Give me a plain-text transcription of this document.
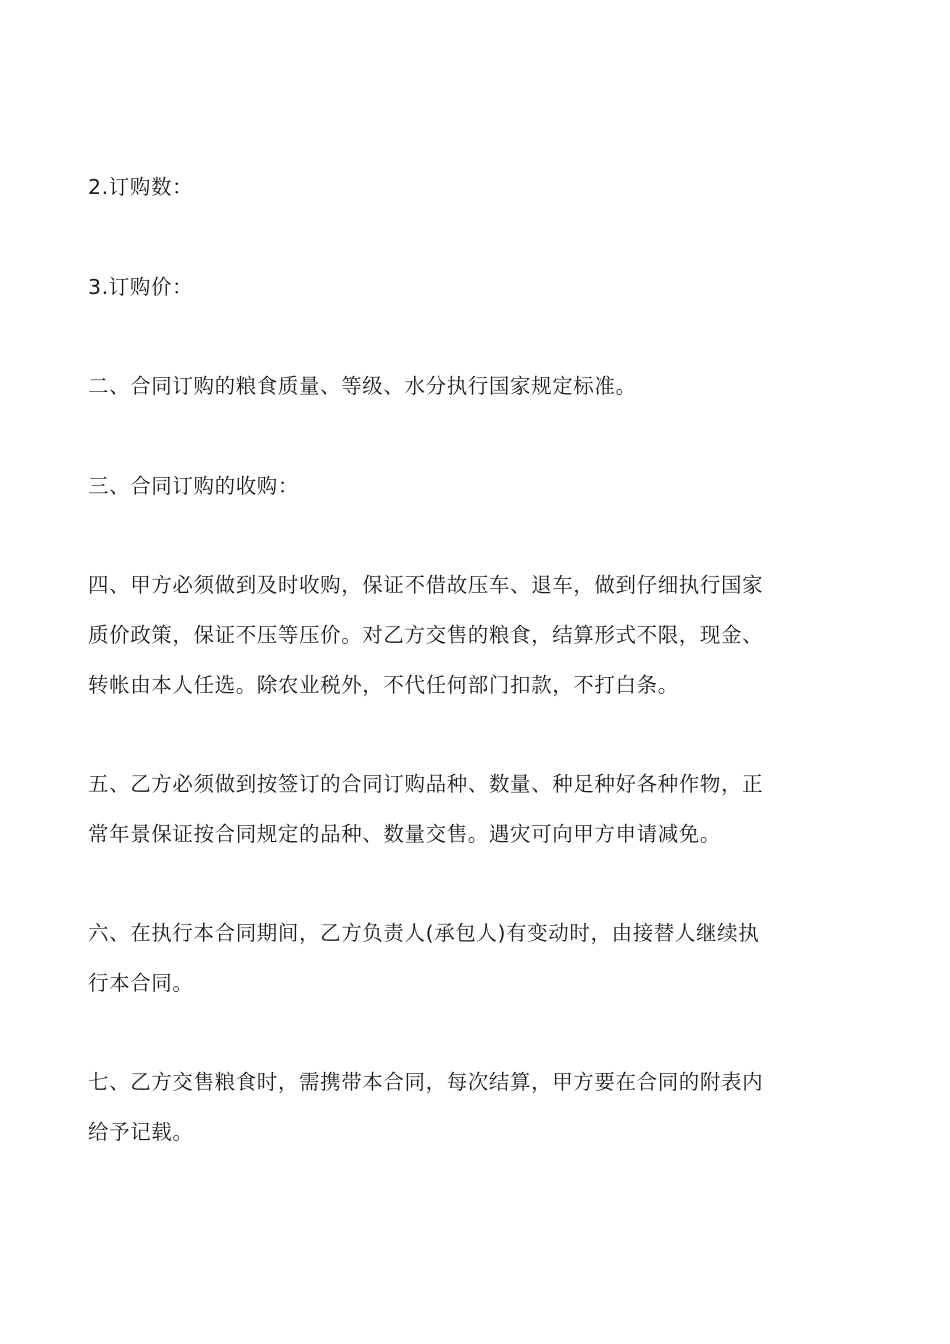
2.订购数：

3.订购价：

二、合同订购的粮食质量、等级、水分执行国家规定标准。

三、合同订购的收购：

四、甲方必须做到及时收购，保证不借故压车、退车，做到仔细执行国家
质价政策，保证不压等压价。对乙方交售的粮食，结算形式不限，现金、
转帐由本人任选。除农业税外，不代任何部门扣款，不打白条。

五、乙方必须做到按签订的合同订购品种、数量、种足种好各种作物，正
常年景保证按合同规定的品种、数量交售。遇灾可向甲方申请减免。

六、在执行本合同期间，乙方负责人(承包人)有变动时，由接替人继续执
行本合同。

七、乙方交售粮食时，需携带本合同，每次结算，甲方要在合同的附表内
给予记载。
